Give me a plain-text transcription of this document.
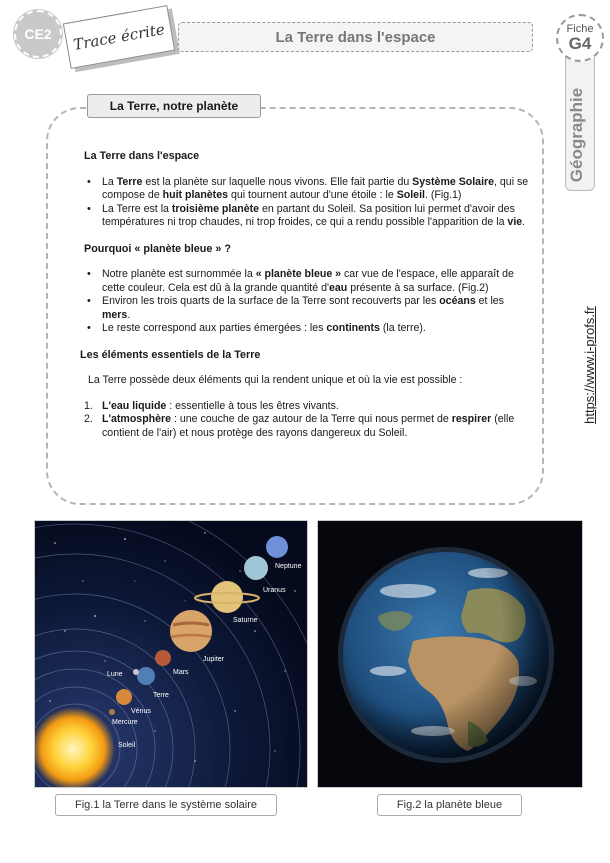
CE2 Trace écrite	La Terre dans l'espace	Fiche
G4
Géographie
https://www.i-profs.fr
La Terre, notre planète
La Terre dans l'espace
• La Terre est la planète sur laquelle nous vivons. Elle fait partie du Système Solaire, qui se compose de huit planètes qui tournent autour d'une étoile : le Soleil. (Fig.1)
• La Terre est la troisième planète en partant du Soleil. Sa position lui permet d'avoir des températures ni trop chaudes, ni trop froides, ce qui a rendu possible l'apparition de la vie.
Pourquoi « planète bleue » ?
• Notre planète est surnommée la « planète bleue » car vue de l'espace, elle apparaît de cette couleur. Cela est dû à la grande quantité d'eau présente à sa surface. (Fig.2)
• Environ les trois quarts de la surface de la Terre sont recouverts par les océans et les mers.
• Le reste correspond aux parties émergées : les continents (la terre).
Les éléments essentiels de la Terre
La Terre possède deux éléments qui la rendent unique et où la vie est possible :
1. L'eau liquide : essentielle à tous les êtres vivants.
2. L'atmosphère : une couche de gaz autour de la Terre qui nous permet de respirer (elle contient de l'air) et nous protège des rayons dangereux du Soleil.
Neptune
Uranus
Saturne
Jupiter
Mars
Lune
Terre
Vénus
Mercure
Soleil
Fig.1 la Terre dans le système solaire	Fig.2 la planète bleue
